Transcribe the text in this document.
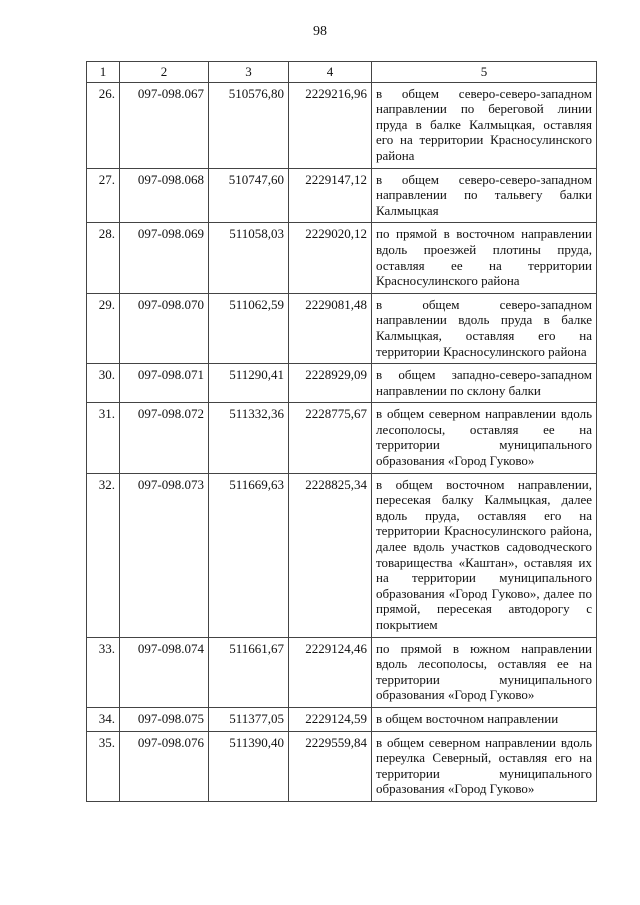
98
1	2	3	4	5
26.	097-098.067	510576,80	2229216,96	в общем северо-северо-западном направлении по береговой линии пруда в балке Калмыцкая, оставляя его на территории Красносулинского района
27.	097-098.068	510747,60	2229147,12	в общем северо-северо-западном направлении по тальвегу балки Калмыцкая
28.	097-098.069	511058,03	2229020,12	по прямой в восточном направлении вдоль проезжей плотины пруда, оставляя ее на территории Красносулинского района
29.	097-098.070	511062,59	2229081,48	в общем северо-западном направлении вдоль пруда в балке Калмыцкая, оставляя его на территории Красносулинского района
30.	097-098.071	511290,41	2228929,09	в общем западно-северо-западном направлении по склону балки
31.	097-098.072	511332,36	2228775,67	в общем северном направлении вдоль лесополосы, оставляя ее на территории муниципального образования «Город Гуково»
32.	097-098.073	511669,63	2228825,34	в общем восточном направлении, пересекая балку Калмыцкая, далее вдоль пруда, оставляя его на территории Красносулинского района, далее вдоль участков садоводческого товарищества «Каштан», оставляя их на территории муниципального образования «Город Гуково», далее по прямой, пересекая автодорогу с покрытием
33.	097-098.074	511661,67	2229124,46	по прямой в южном направлении вдоль лесополосы, оставляя ее на территории муниципального образования «Город Гуково»
34.	097-098.075	511377,05	2229124,59	в общем восточном направлении
35.	097-098.076	511390,40	2229559,84	в общем северном направлении вдоль переулка Северный, оставляя его на территории муниципального образования «Город Гуково»
